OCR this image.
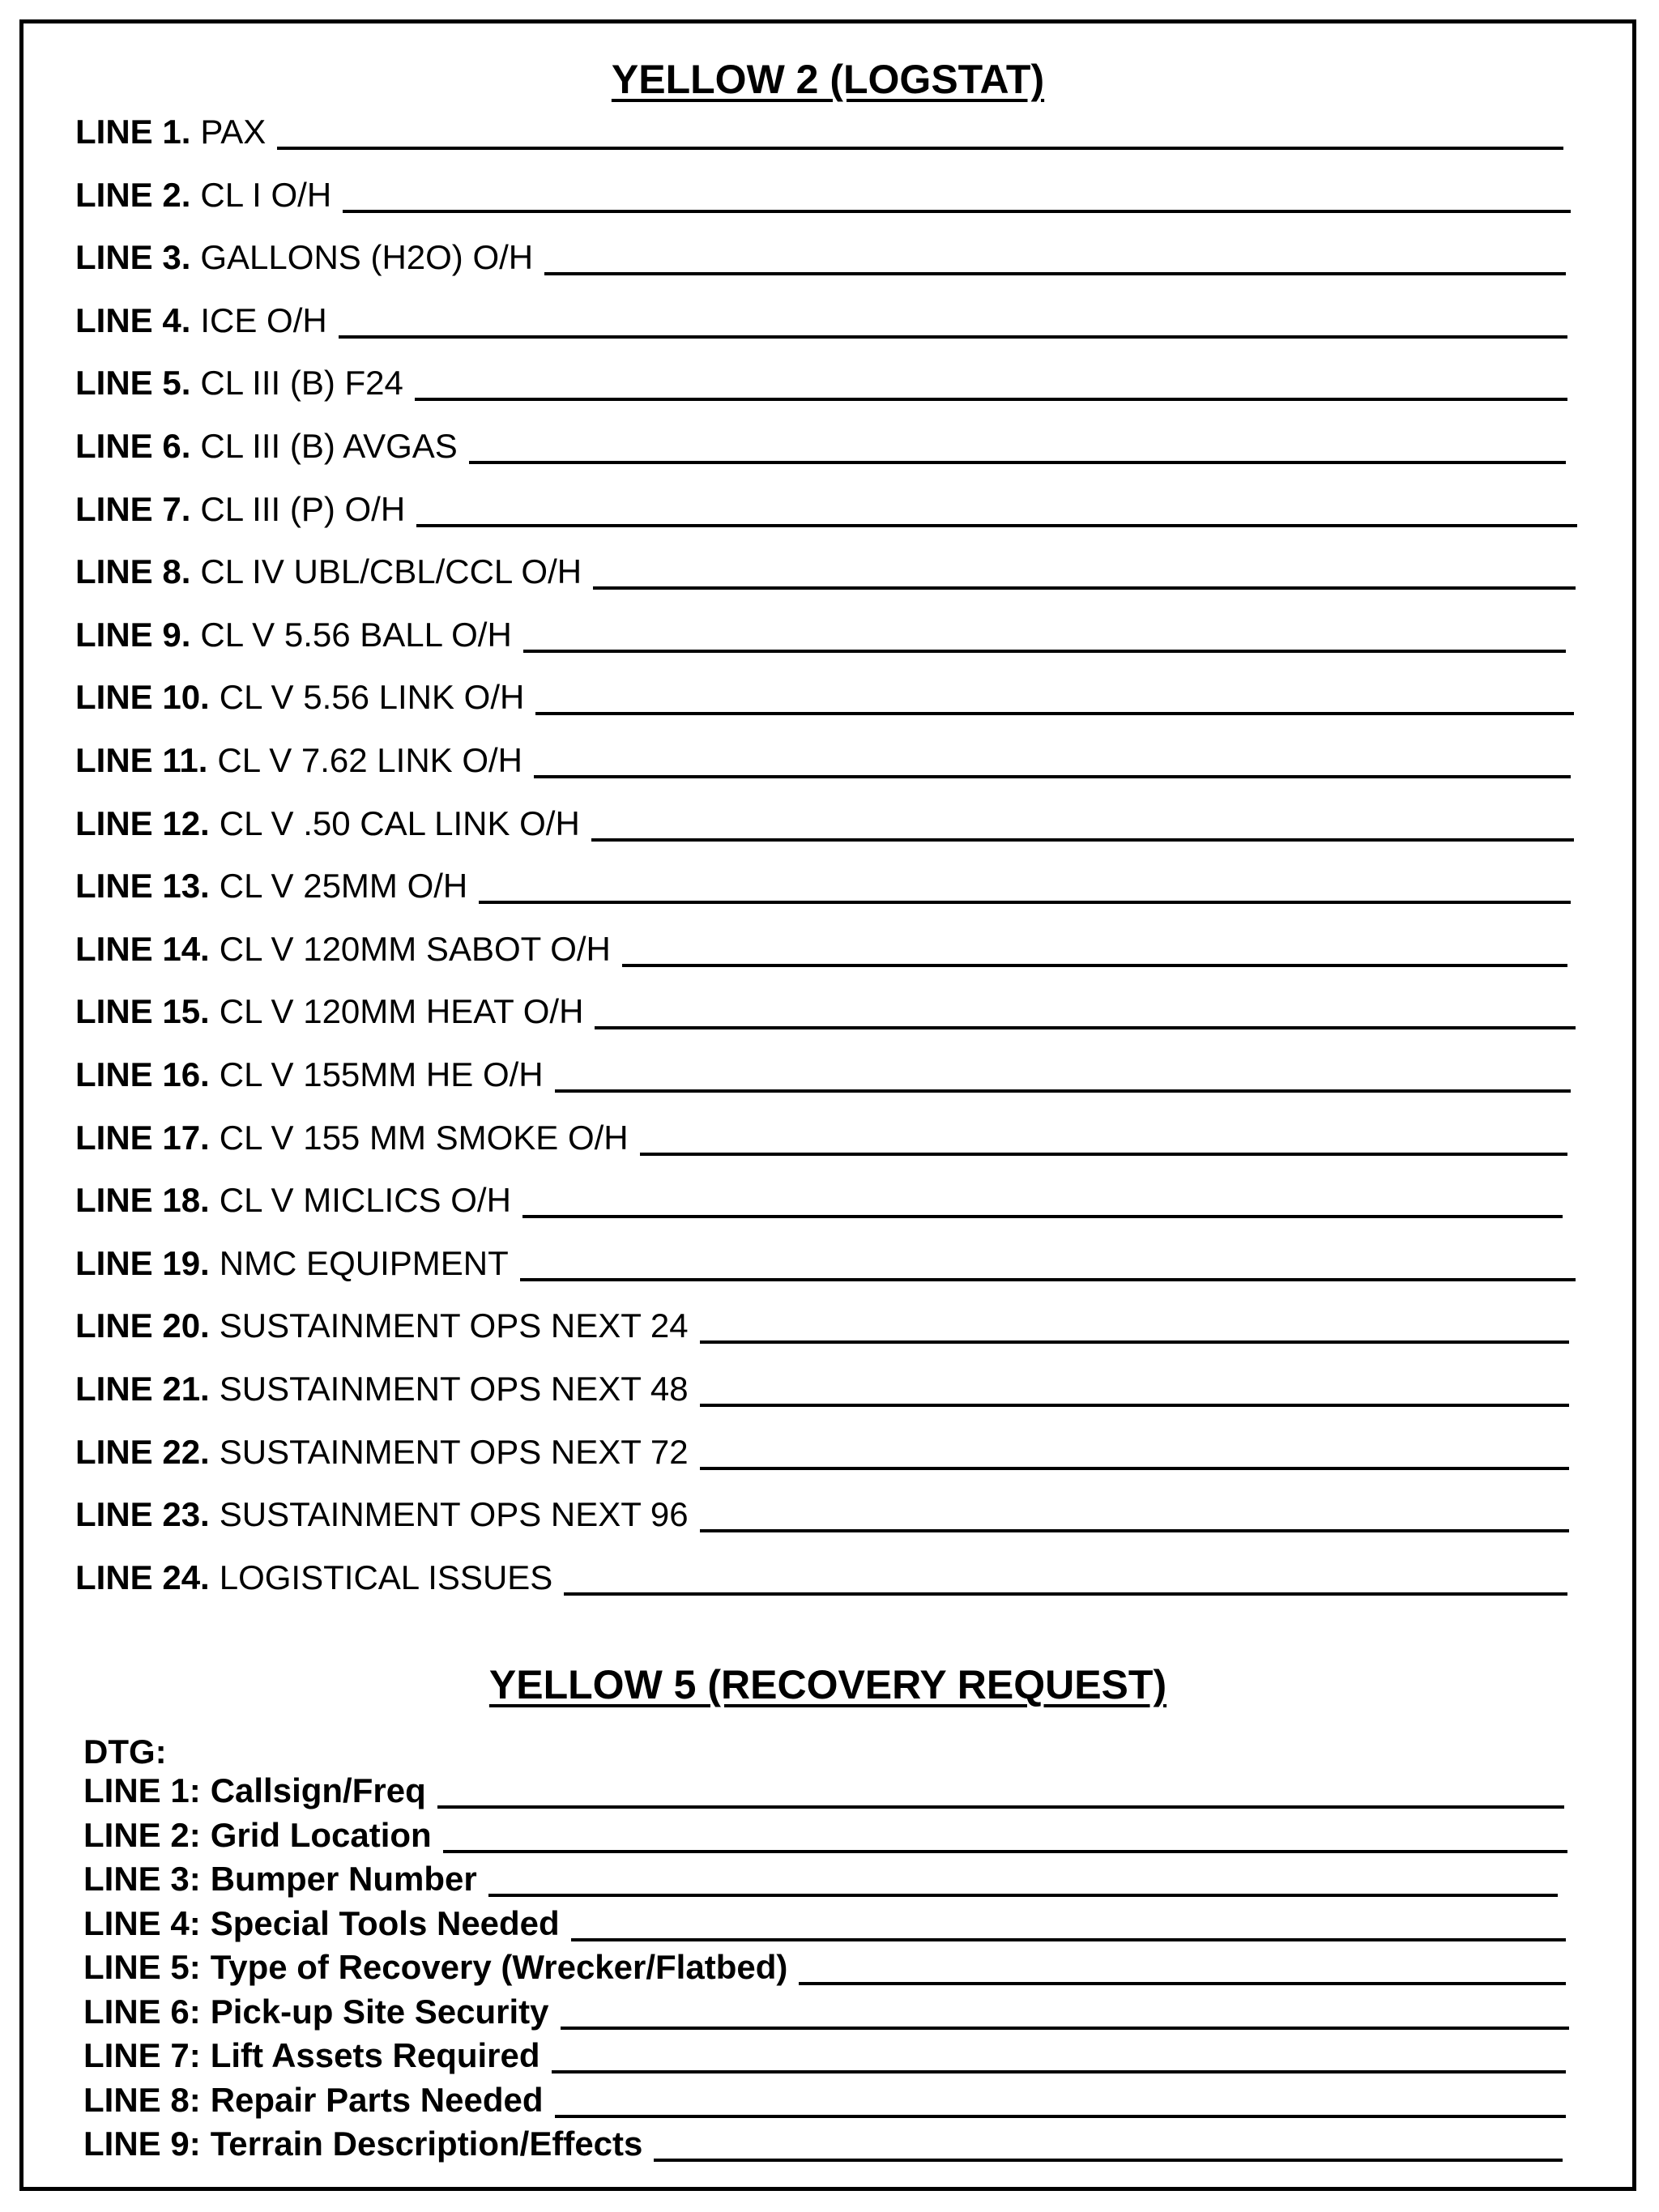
YELLOW 2 (LOGSTAT)
LINE 1. PAX
LINE 2. CL I O/H
LINE 3. GALLONS (H2O) O/H
LINE 4. ICE O/H
LINE 5. CL III (B) F24
LINE 6. CL III (B) AVGAS
LINE 7. CL III (P) O/H
LINE 8. CL IV UBL/CBL/CCL O/H
LINE 9. CL V 5.56 BALL O/H
LINE 10. CL V 5.56 LINK O/H
LINE 11. CL V 7.62 LINK O/H
LINE 12. CL V .50 CAL LINK O/H
LINE 13. CL V 25MM O/H
LINE 14. CL V 120MM SABOT O/H
LINE 15. CL V 120MM HEAT O/H
LINE 16. CL V 155MM HE O/H
LINE 17. CL V 155 MM SMOKE O/H
LINE 18. CL V MICLICS O/H
LINE 19. NMC EQUIPMENT
LINE 20. SUSTAINMENT OPS NEXT 24
LINE 21. SUSTAINMENT OPS NEXT 48
LINE 22. SUSTAINMENT OPS NEXT 72
LINE 23. SUSTAINMENT OPS NEXT 96
LINE 24. LOGISTICAL ISSUES
YELLOW 5 (RECOVERY REQUEST)
DTG:
LINE 1: Callsign/Freq
LINE 2: Grid Location
LINE 3: Bumper Number
LINE 4: Special Tools Needed
LINE 5: Type of Recovery (Wrecker/Flatbed)
LINE 6: Pick-up Site Security
LINE 7: Lift Assets Required
LINE 8: Repair Parts Needed
LINE 9: Terrain Description/Effects
